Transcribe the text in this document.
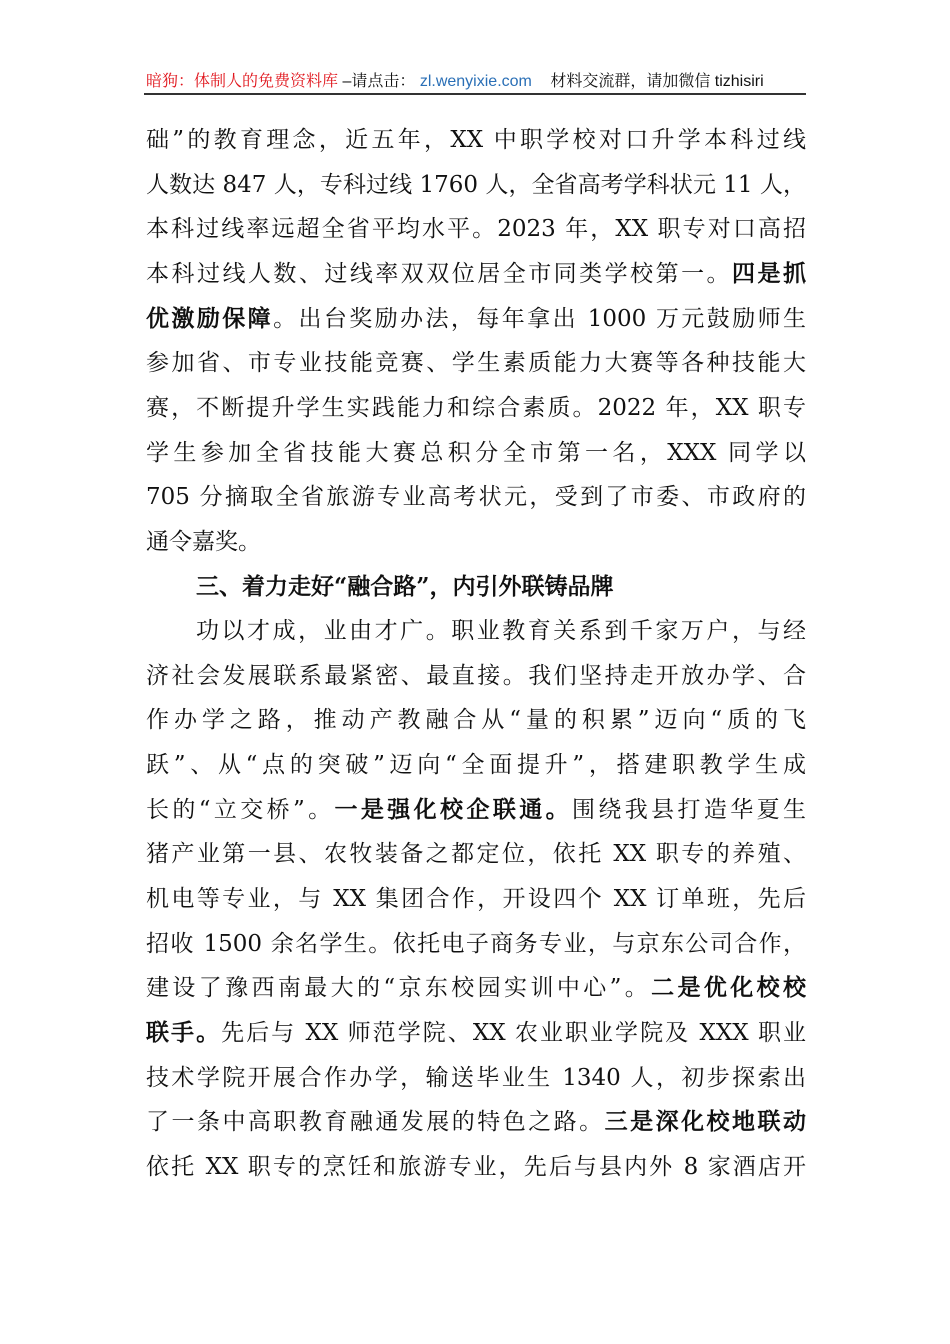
暗狗：体制人的免费资料库 –请点击： zl.wenyixie.com 材料交流群，请加微信 tizhisiri
础”的教育理念，近五年，XX 中职学校对口升学本科过线
人数达 847 人，专科过线 1760 人，全省高考学科状元 11 人，
本科过线率远超全省平均水平。2023 年，XX 职专对口高招
本科过线人数、过线率双双位居全市同类学校第一。四是抓
优激励保障。出台奖励办法，每年拿出 1000 万元鼓励师生
参加省、市专业技能竞赛、学生素质能力大赛等各种技能大
赛，不断提升学生实践能力和综合素质。2022 年，XX 职专
学生参加全省技能大赛总积分全市第一名，XXX 同学以
705 分摘取全省旅游专业高考状元，受到了市委、市政府的
通令嘉奖。
三、着力走好“融合路”，内引外联铸品牌
功以才成，业由才广。职业教育关系到千家万户，与经
济社会发展联系最紧密、最直接。我们坚持走开放办学、合
作办学之路，推动产教融合从“量的积累”迈向“质的飞
跃”、从“点的突破”迈向“全面提升”，搭建职教学生成
长的“立交桥”。一是强化校企联通。围绕我县打造华夏生
猪产业第一县、农牧装备之都定位，依托 XX 职专的养殖、
机电等专业，与 XX 集团合作，开设四个 XX 订单班，先后
招收 1500 余名学生。依托电子商务专业，与京东公司合作，
建设了豫西南最大的“京东校园实训中心”。二是优化校校
联手。先后与 XX 师范学院、XX 农业职业学院及 XXX 职业
技术学院开展合作办学，输送毕业生 1340 人，初步探索出
了一条中高职教育融通发展的特色之路。三是深化校地联动
依托 XX 职专的烹饪和旅游专业，先后与县内外 8 家酒店开
